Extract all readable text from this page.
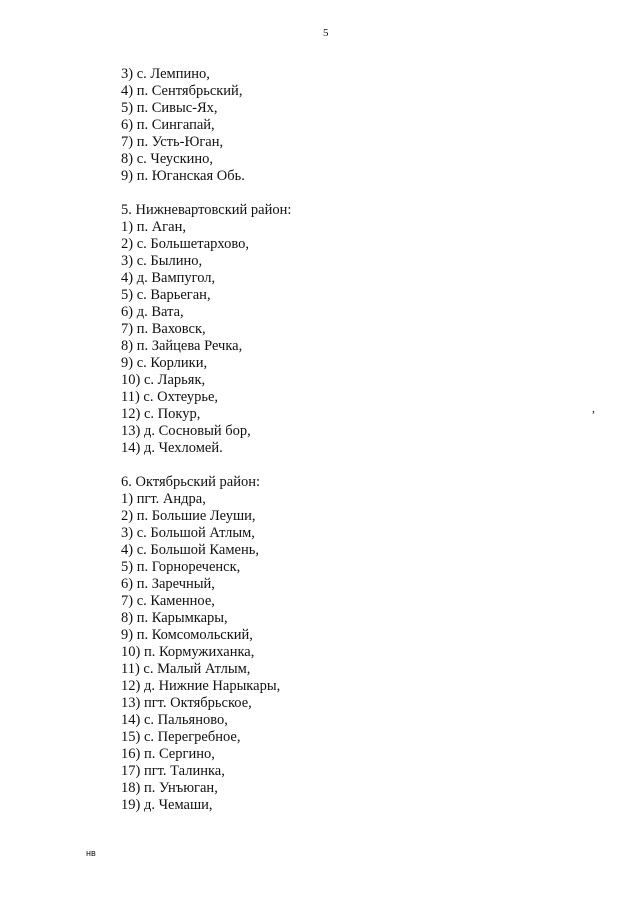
5
3) с. Лемпино,
4) п. Сентябрьский,
5) п. Сивыс-Ях,
6) п. Сингапай,
7) п. Усть-Юган,
8) с. Чеускино,
9) п. Юганская Обь.
5. Нижневартовский район:
1) п. Аган,
2) с. Большетархово,
3) с. Былино,
4) д. Вампугол,
5) с. Варьеган,
6) д. Вата,
7) п. Ваховск,
8) п. Зайцева Речка,
9) с. Корлики,
10) с. Ларьяк,
11) с. Охтеурье,
12) с. Покур,
13) д. Сосновый бор,
14) д. Чехломей.
6. Октябрьский район:
1) пгт. Андра,
2) п. Большие Леуши,
3) с. Большой Атлым,
4) с. Большой Камень,
5) п. Горнореченск,
6) п. Заречный,
7) с. Каменное,
8) п. Карымкары,
9) п. Комсомольский,
10) п. Кормужиханка,
11) с. Малый Атлым,
12) д. Нижние Нарыкары,
13) пгт. Октябрьское,
14) с. Пальяново,
15) с. Перегребное,
16) п. Сергино,
17) пгт. Талинка,
18) п. Унъюган,
19) д. Чемаши,
,
нв
